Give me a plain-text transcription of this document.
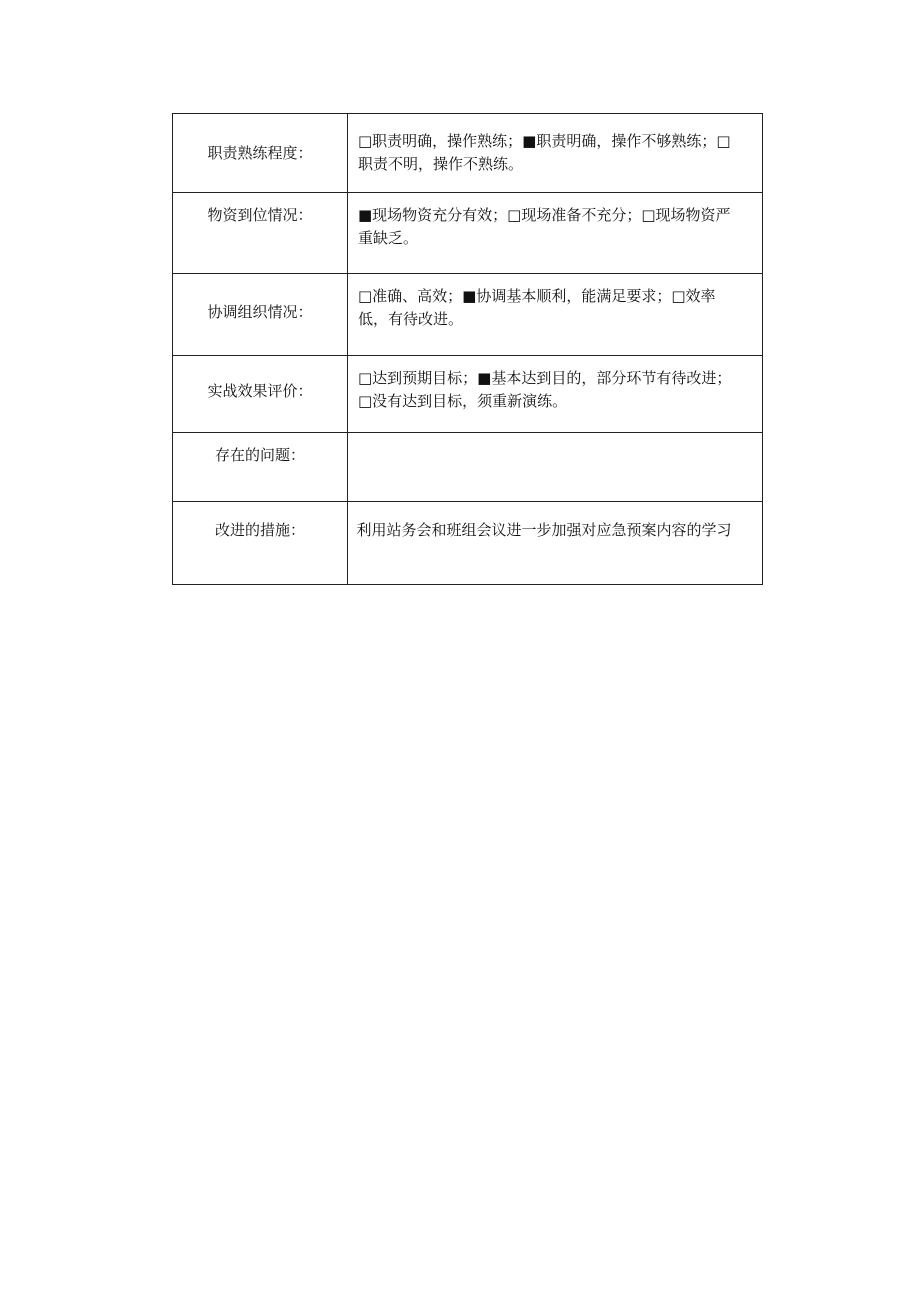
职责熟练程度：	□职责明确，操作熟练；■职责明确，操作不够熟练；□职责不明，操作不熟练。
物资到位情况：	■现场物资充分有效；□现场准备不充分；□现场物资严重缺乏。
协调组织情况：	□准确、高效；■协调基本顺利，能满足要求；□效率低，有待改进。
实战效果评价：	□达到预期目标；■基本达到目的，部分环节有待改进；□没有达到目标，须重新演练。
存在的问题：	
改进的措施：	利用站务会和班组会议进一步加强对应急预案内容的学习
